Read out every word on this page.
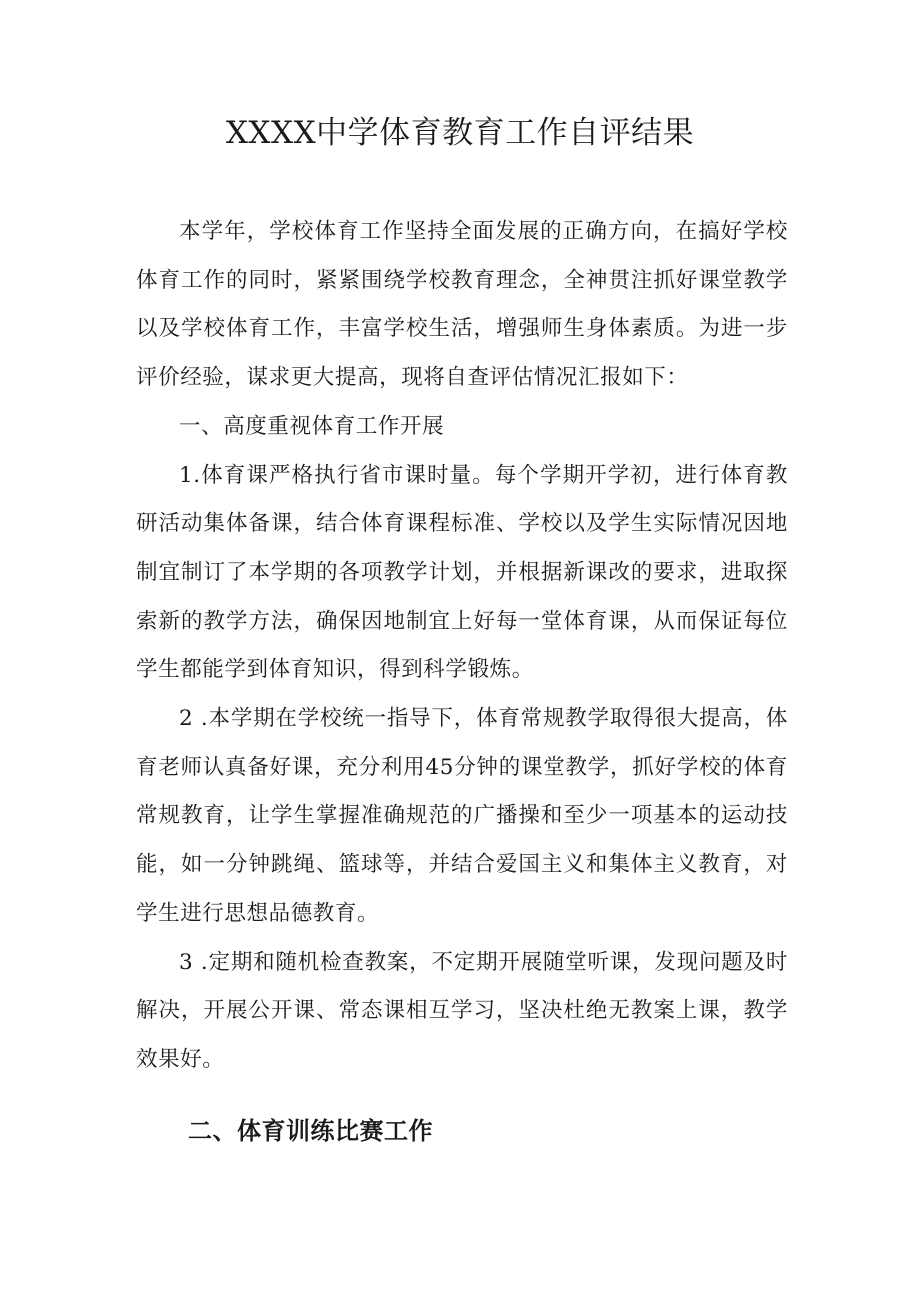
XXXX中学体育教育工作自评结果

本学年，学校体育工作坚持全面发展的正确方向，在搞好学校体育工作的同时，紧紧围绕学校教育理念，全神贯注抓好课堂教学以及学校体育工作，丰富学校生活，增强师生身体素质。为进一步评价经验，谋求更大提高，现将自查评估情况汇报如下：

一、高度重视体育工作开展

1.体育课严格执行省市课时量。每个学期开学初，进行体育教研活动集体备课，结合体育课程标准、学校以及学生实际情况因地制宜制订了本学期的各项教学计划，并根据新课改的要求，进取探索新的教学方法，确保因地制宜上好每一堂体育课，从而保证每位学生都能学到体育知识，得到科学锻炼。

2 .本学期在学校统一指导下，体育常规教学取得很大提高，体育老师认真备好课，充分利用45分钟的课堂教学，抓好学校的体育常规教育，让学生掌握准确规范的广播操和至少一项基本的运动技能，如一分钟跳绳、篮球等，并结合爱国主义和集体主义教育，对学生进行思想品德教育。

3 .定期和随机检查教案，不定期开展随堂听课，发现问题及时解决，开展公开课、常态课相互学习，坚决杜绝无教案上课，教学效果好。

二、体育训练比赛工作
